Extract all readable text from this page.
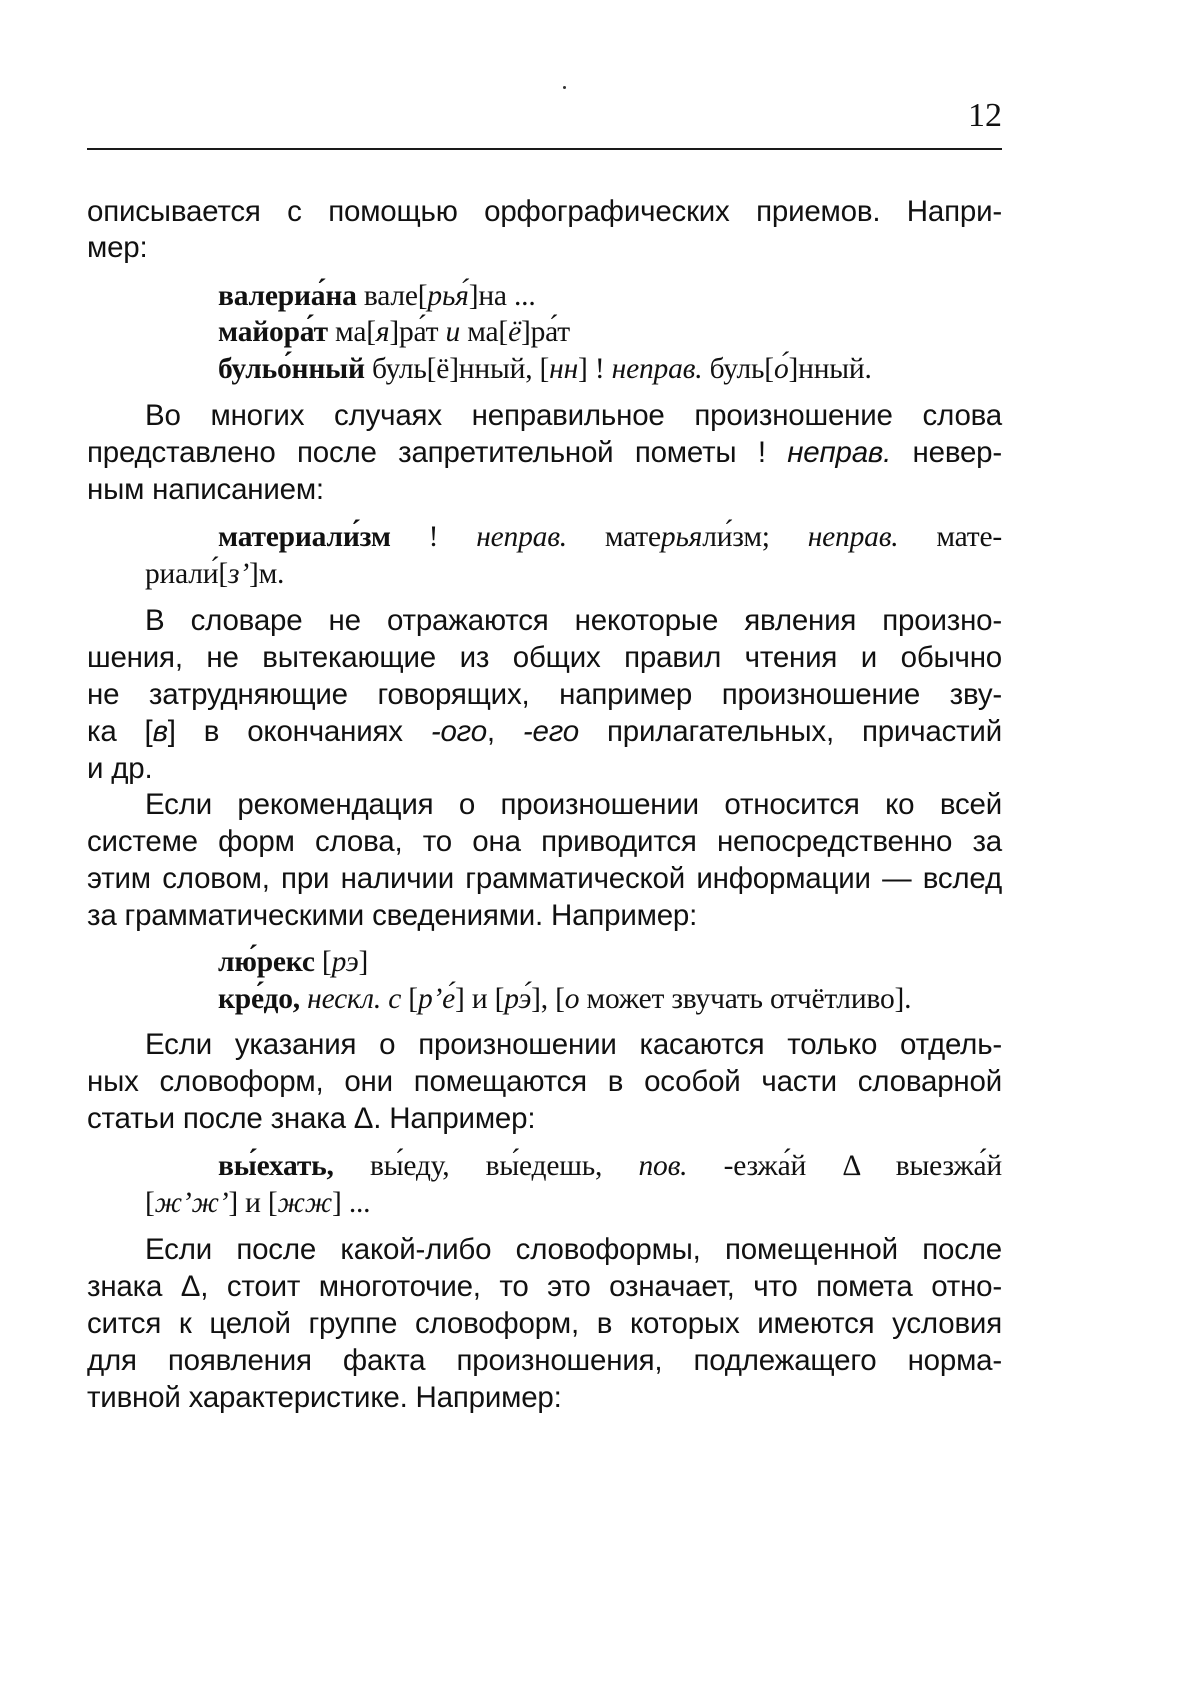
12
описывается с помощью орфографических приемов. Напри-
мер:
валериа́на вале[рья́]на ...
майора́т ма[я]ра́т и ма[ё]ра́т
бульо́нный буль[ё]нный, [нн] ! неправ. буль[о́]нный.
Во многих случаях неправильное произношение слова
представлено после запретительной пометы ! неправ. невер-
ным написанием:
материали́зм ! неправ. матерьяли́зм; неправ. мате-
риали́[з’]м.
В словаре не отражаются некоторые явления произно-
шения, не вытекающие из общих правил чтения и обычно
не затрудняющие говорящих, например произношение зву-
ка [в] в окончаниях -ого, -его прилагательных, причастий
и др.
Если рекомендация о произношении относится ко всей
системе форм слова, то она приводится непосредственно за
этим словом, при наличии грамматической информации — вслед
за грамматическими сведениями. Например:
лю́рекс [рэ]
кре́до, нескл. с [р’е́] и [рэ́], [о может звучать отчётливо].
Если указания о произношении касаются только отдель-
ных словоформ, они помещаются в особой части словарной
статьи после знака Δ. Например:
вы́ехать, вы́еду, вы́едешь, пов. -езжа́й Δ выезжа́й
[ж’ж’] и [жж] ...
Если после какой-либо словоформы, помещенной после
знака Δ, стоит многоточие, то это означает, что помета отно-
сится к целой группе словоформ, в которых имеются условия
для появления факта произношения, подлежащего норма-
тивной характеристике. Например:
